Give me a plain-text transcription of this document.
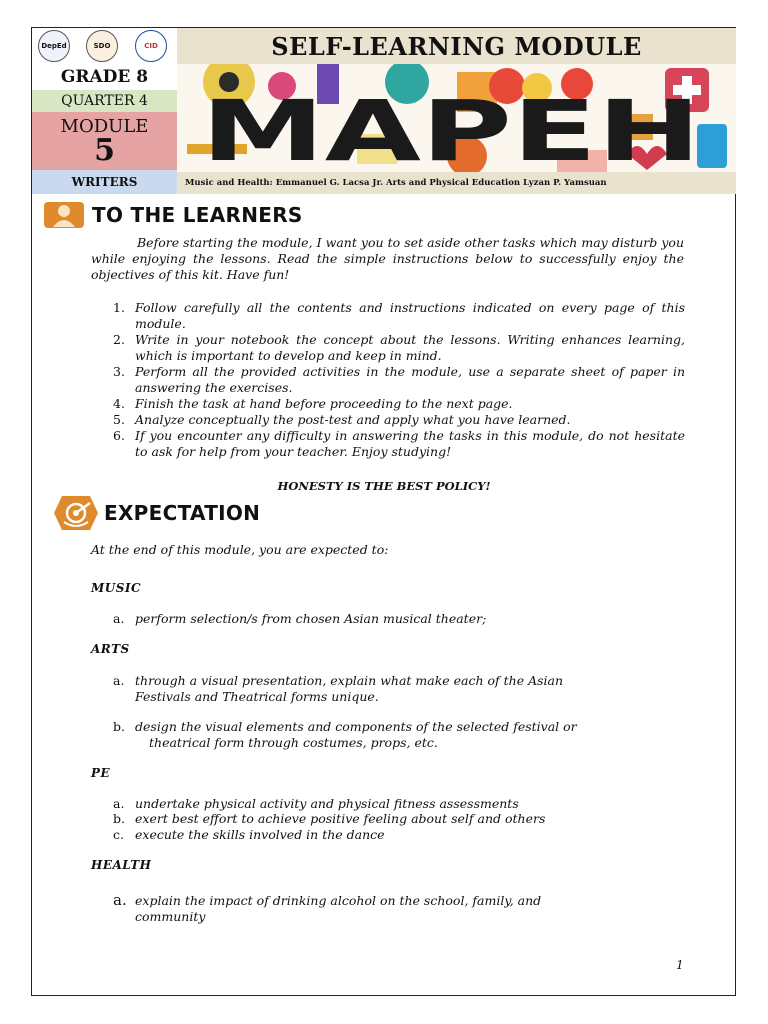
DepEd	SDO	CID	SELF-LEARNING MODULE
GRADE 8
QUARTER 4
MODULE
5
WRITERS
MAPEH
Music and Health: Emmanuel G. Lacsa Jr. Arts and Physical Education Lyzan P. Yamsuan
TO THE LEARNERS
Before starting the module, I want you to set aside other tasks which may disturb you while enjoying the lessons. Read the simple instructions below to successfully enjoy the objectives of this kit. Have fun!
1. Follow carefully all the contents and instructions indicated on every page of this module.
2. Write in your notebook the concept about the lessons. Writing enhances learning, which is important to develop and keep in mind.
3. Perform all the provided activities in the module, use a separate sheet of paper in answering the exercises.
4. Finish the task at hand before proceeding to the next page.
5. Analyze conceptually the post-test and apply what you have learned.
6. If you encounter any difficulty in answering the tasks in this module, do not hesitate to ask for help from your teacher. Enjoy studying!
HONESTY IS THE BEST POLICY!
EXPECTATION
At the end of this module, you are expected to:
MUSIC
a. perform selection/s from chosen Asian musical theater;
ARTS
a. through a visual presentation, explain what make each of the Asian
Festivals and Theatrical forms unique.
b. design the visual elements and components of the selected festival or
theatrical form through costumes, props, etc.
PE
a. undertake physical activity and physical fitness assessments
b. exert best effort to achieve positive feeling about self and others
c. execute the skills involved in the dance
HEALTH
a. explain the impact of drinking alcohol on the school, family, and
community
1
